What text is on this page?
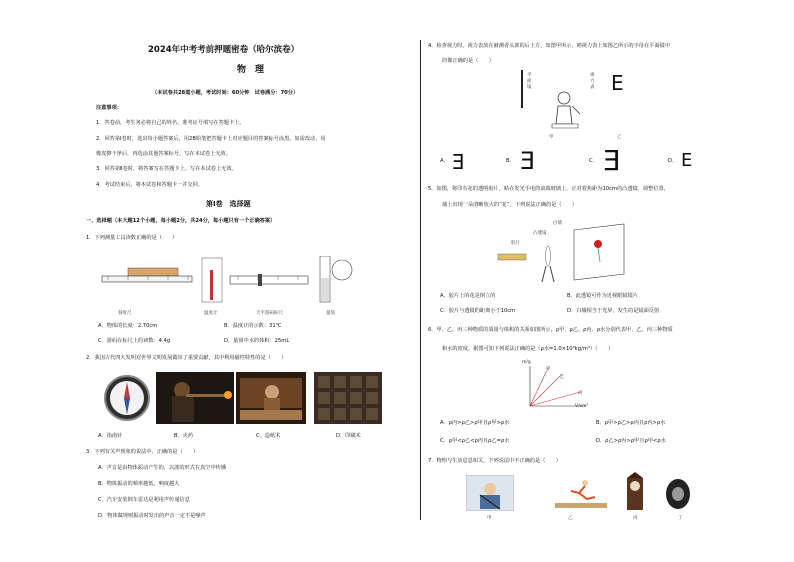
2024年中考考前押题密卷（哈尔滨卷）
物　理
（本试卷共28道小题，考试时间：60分钟　试卷满分：70分）
注意事项：
1．答卷前，考生务必将自己的姓名、准考证号填写在答题卡上。
2．回答第Ⅰ卷时，选出每小题答案后，用2B铅笔把答题卡上对应题目的答案标号涂黑。如需改动，用
橡皮擦干净后，再选涂其他答案标号。写在本试卷上无效。
3．回答第Ⅱ卷时，将答案写在答题卡上。写在本试卷上无效。
4．考试结束后，将本试卷和答题卡一并交回。
第Ⅰ卷　选择题
一、选择题（本大题12个小题，每小题2分，共24分，每小题只有一个正确答案）
1．下列测量工具读数正确的是（　　）
刻度尺	温度计	天平游码标尺	量筒
A．物体的长度：2.70cm	B．温度计的示数：31℃
C．游码在标尺上的读数：4.4g	D．量筒中水的体积：25mL
2．我国古代四大发明对世界文明发展做出了重要贡献，其中利用磁性特性的是（　　）
A．指南针	B．火药	C．造纸术	D．印刷术
3．下列有关声现象的说法中，正确的是（　　）
A．声音是由物体振动产生的，以波的形式在真空中传播
B．物体振动的频率越低，响度越大
C．汽车安装倒车雷达是利用声传递信息
D．物体做规则振动时发出的声音一定不是噪声
4．检查视力时，视力表放在被测者头部的后上方，如图甲所示，则视力表上如图乙所示的字母在平面镜中
的像正确的是（　　）
平面镜
视力表 E
甲	乙
A． E	B． E	C． E	D． E
5．如图，将印有花的透明胶片，贴在发光手电筒前端玻璃上，正对着焦距为10cm的凸透镜，调整位置，
墙上出现一朵清晰放大的“花”。下列说法正确的是（　　）
白墙
凸透镜
胶片
A．胶片上的花是倒立的	B．此透镜可作为近视眼镜镜片
C．胶片与透镜的距离小于10cm	D．白墙相当于光屏，发生的是镜面反射
6．甲、乙、丙三种物质的质量与体积的关系如图所示，ρ甲、ρ乙、ρ丙、ρ水分别代表甲、乙、丙三种物质
和水的密度，据图可知下列说法正确的是（ρ水=1.0×10³kg/m³）（　　）
m/g
V/cm³
甲
乙
丙
A．ρ丙>ρ乙>ρ甲且ρ甲>ρ水	B．ρ甲>ρ乙>ρ丙且ρ丙>ρ水
C．ρ甲<ρ乙<ρ丙且ρ乙=ρ水	D．ρ乙>ρ丙>ρ甲且ρ甲<ρ水
7．物理与生活息息相关，下列说法中不正确的是（　　）
甲	乙	丙	丁
